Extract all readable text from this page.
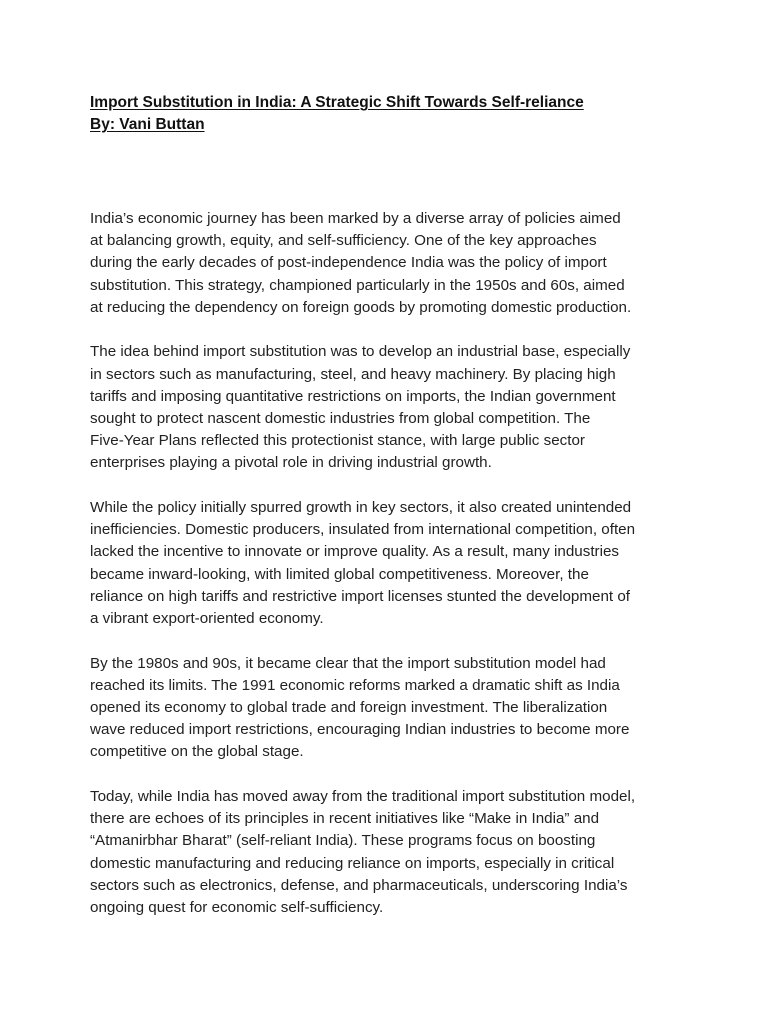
Import Substitution in India: A Strategic Shift Towards Self-reliance
By: Vani Buttan

India’s economic journey has been marked by a diverse array of policies aimed
at balancing growth, equity, and self-sufficiency. One of the key approaches
during the early decades of post-independence India was the policy of import
substitution. This strategy, championed particularly in the 1950s and 60s, aimed
at reducing the dependency on foreign goods by promoting domestic production.

The idea behind import substitution was to develop an industrial base, especially
in sectors such as manufacturing, steel, and heavy machinery. By placing high
tariffs and imposing quantitative restrictions on imports, the Indian government
sought to protect nascent domestic industries from global competition. The
Five-Year Plans reflected this protectionist stance, with large public sector
enterprises playing a pivotal role in driving industrial growth.

While the policy initially spurred growth in key sectors, it also created unintended
inefficiencies. Domestic producers, insulated from international competition, often
lacked the incentive to innovate or improve quality. As a result, many industries
became inward-looking, with limited global competitiveness. Moreover, the
reliance on high tariffs and restrictive import licenses stunted the development of
a vibrant export-oriented economy.

By the 1980s and 90s, it became clear that the import substitution model had
reached its limits. The 1991 economic reforms marked a dramatic shift as India
opened its economy to global trade and foreign investment. The liberalization
wave reduced import restrictions, encouraging Indian industries to become more
competitive on the global stage.

Today, while India has moved away from the traditional import substitution model,
there are echoes of its principles in recent initiatives like “Make in India” and
“Atmanirbhar Bharat” (self-reliant India). These programs focus on boosting
domestic manufacturing and reducing reliance on imports, especially in critical
sectors such as electronics, defense, and pharmaceuticals, underscoring India’s
ongoing quest for economic self-sufficiency.
